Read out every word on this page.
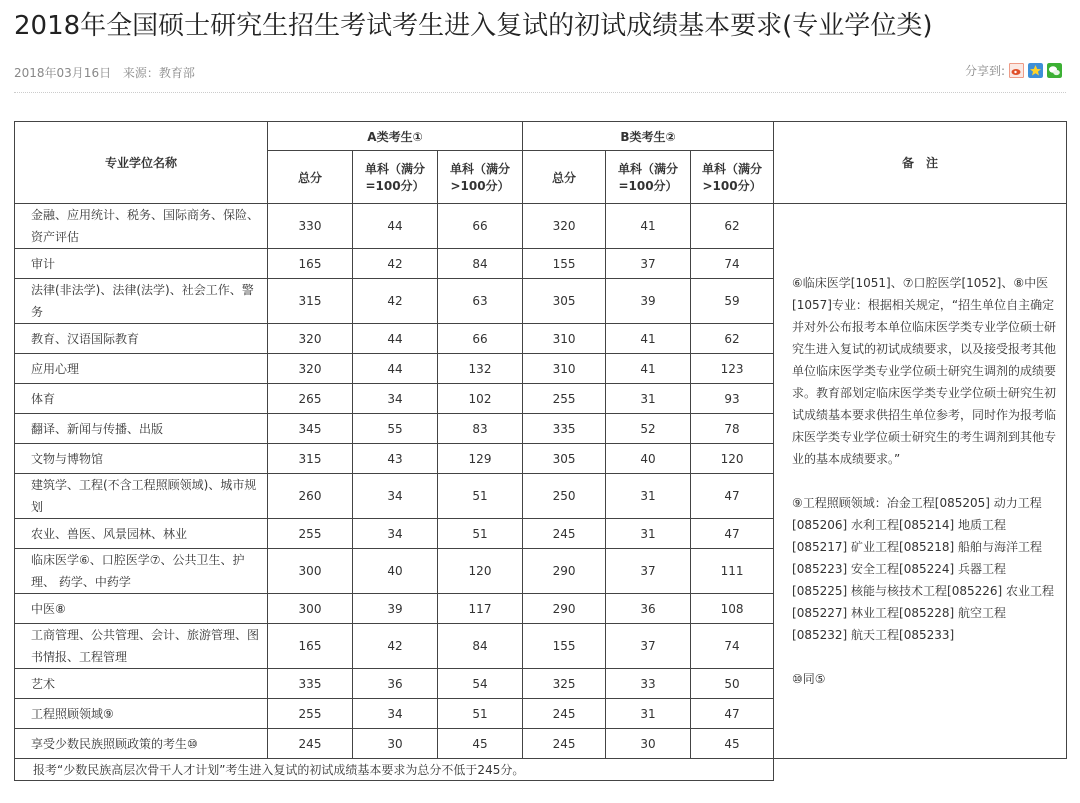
2018年全国硕士研究生招生考试考生进入复试的初试成绩基本要求(专业学位类)
2018年03月16日 来源：教育部	分享到:
专业学位名称	A类考生①			B类考生②			备　注
	总分	单科（满分=100分）	单科（满分>100分）	总分	单科（满分=100分）	单科（满分>100分）	
金融、应用统计、税务、国际商务、保险、 资产评估	330	44	66	320	41	62	⑥临床医学[1051]、⑦口腔医学[1052]、⑧中医[1057]专业：根据相关规定，“招生单位自主确定并对外公布报考本单位临床医学类专业学位硕士研究生进入复试的初试成绩要求，以及接受报考其他单位临床医学类专业学位硕士研究生调剂的成绩要求。教育部划定临床医学类专业学位硕士研究生初试成绩基本要求供招生单位参考，同时作为报考临床医学类专业学位硕士研究生的考生调剂到其他专业的基本成绩要求。”

⑨工程照顾领域：冶金工程[085205] 动力工程[085206] 水利工程[085214] 地质工程[085217] 矿业工程[085218] 船舶与海洋工程[085223] 安全工程[085224] 兵器工程[085225] 核能与核技术工程[085226] 农业工程[085227] 林业工程[085228] 航空工程[085232] 航天工程[085233]

⑩同⑤

审计	165	42	84	155	37	74	
法律(非法学)、法律(法学)、社会工作、警务	315	42	63	305	39	59	
教育、汉语国际教育	320	44	66	310	41	62	
应用心理	320	44	132	310	41	123	
体育	265	34	102	255	31	93	
翻译、新闻与传播、出版	345	55	83	335	52	78	
文物与博物馆	315	43	129	305	40	120	
建筑学、工程(不含工程照顾领域)、城市规划	260	34	51	250	31	47	
农业、兽医、风景园林、林业	255	34	51	245	31	47	
临床医学⑥、口腔医学⑦、公共卫生、护理、 药学、中药学	300	40	120	290	37	111	
中医⑧	300	39	117	290	36	108	
工商管理、公共管理、会计、旅游管理、图书情报、工程管理	165	42	84	155	37	74	
艺术	335	36	54	325	33	50	
工程照顾领域⑨	255	34	51	245	31	47	
享受少数民族照顾政策的考生⑩	245	30	45	245	30	45	
报考“少数民族高层次骨干人才计划”考生进入复试的初试成绩基本要求为总分不低于245分。							
